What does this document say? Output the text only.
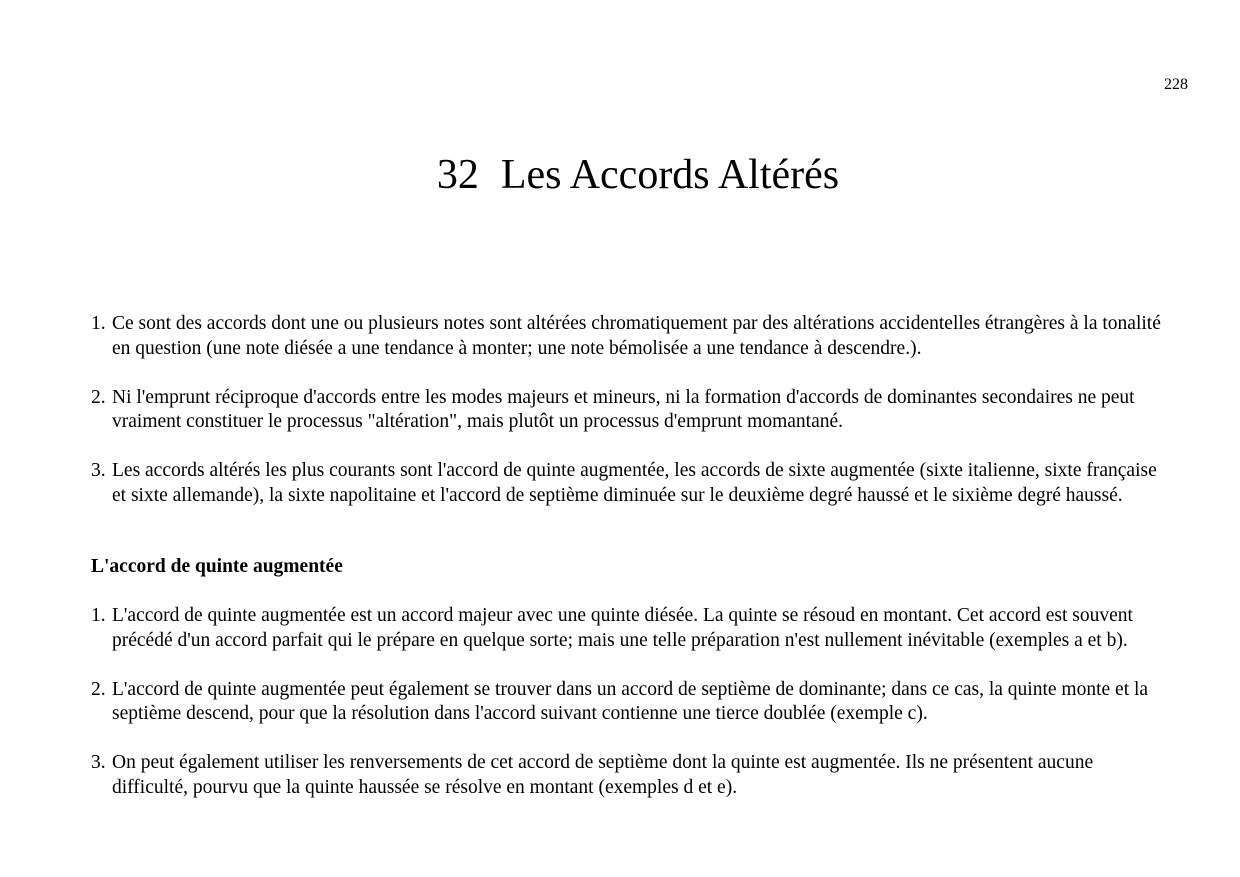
228
32 Les Accords Altérés
1. Ce sont des accords dont une ou plusieurs notes sont altérées chromatiquement par des altérations accidentelles étrangères à la tonalité en question (une note diésée a une tendance à monter; une note bémolisée a une tendance à descendre.).
2. Ni l'emprunt réciproque d'accords entre les modes majeurs et mineurs, ni la formation d'accords de dominantes secondaires ne peut vraiment constituer le processus "altération", mais plutôt un processus d'emprunt momantané.
3. Les accords altérés les plus courants sont l'accord de quinte augmentée, les accords de sixte augmentée (sixte italienne, sixte française et sixte allemande), la sixte napolitaine et l'accord de septième diminuée sur le deuxième degré haussé et le sixième degré haussé.
L'accord de quinte augmentée
1. L'accord de quinte augmentée est un accord majeur avec une quinte diésée. La quinte se résoud en montant. Cet accord est souvent précédé d'un accord parfait qui le prépare en quelque sorte; mais une telle préparation n'est nullement inévitable (exemples a et b).
2. L'accord de quinte augmentée peut également se trouver dans un accord de septième de dominante; dans ce cas, la quinte monte et la septième descend, pour que la résolution dans l'accord suivant contienne une tierce doublée (exemple c).
3. On peut également utiliser les renversements de cet accord de septième dont la quinte est augmentée. Ils ne présentent aucune difficulté, pourvu que la quinte haussée se résolve en montant (exemples d et e).
